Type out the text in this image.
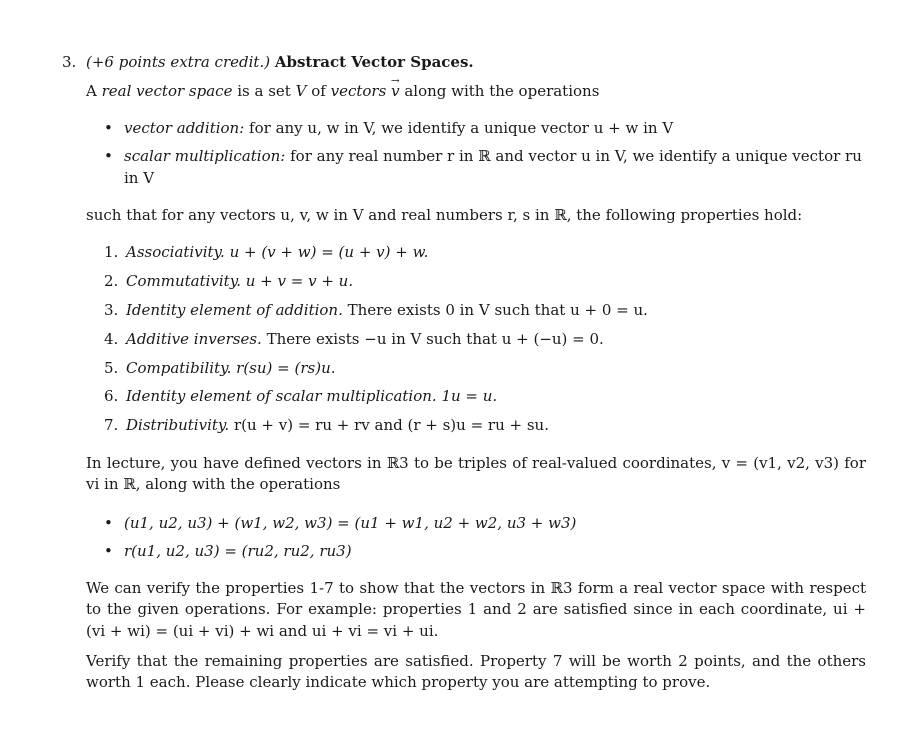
3. (+6 points extra credit.) Abstract Vector Spaces.
A real vector space is a set V of vectors → v along with the operations
• vector addition: for any u, w in V, we identify a unique vector u + w in V
• scalar multiplication: for any real number r in ℝ and vector u in V, we identify a unique vector ru in V
such that for any vectors u, v, w in V and real numbers r, s in ℝ, the following properties hold:
1. Associativity. u + (v + w) = (u + v) + w.
2. Commutativity. u + v = v + u.
3. Identity element of addition. There exists 0 in V such that u + 0 = u.
4. Additive inverses. There exists −u in V such that u + (−u) = 0.
5. Compatibility. r(su) = (rs)u.
6. Identity element of scalar multiplication. 1u = u.
7. Distributivity. r(u + v) = ru + rv and (r + s)u = ru + su.
In lecture, you have defined vectors in ℝ3 to be triples of real-valued coordinates, v = (v1, v2, v3) for vi in ℝ, along with the operations
• (u1, u2, u3) + (w1, w2, w3) = (u1 + w1, u2 + w2, u3 + w3)
• r(u1, u2, u3) = (ru2, ru2, ru3)
We can verify the properties 1-7 to show that the vectors in ℝ3 form a real vector space with respect to the given operations. For example: properties 1 and 2 are satisfied since in each coordinate, ui + (vi + wi) = (ui + vi) + wi and ui + vi = vi + ui.
Verify that the remaining properties are satisfied. Property 7 will be worth 2 points, and the others worth 1 each. Please clearly indicate which property you are attempting to prove.
